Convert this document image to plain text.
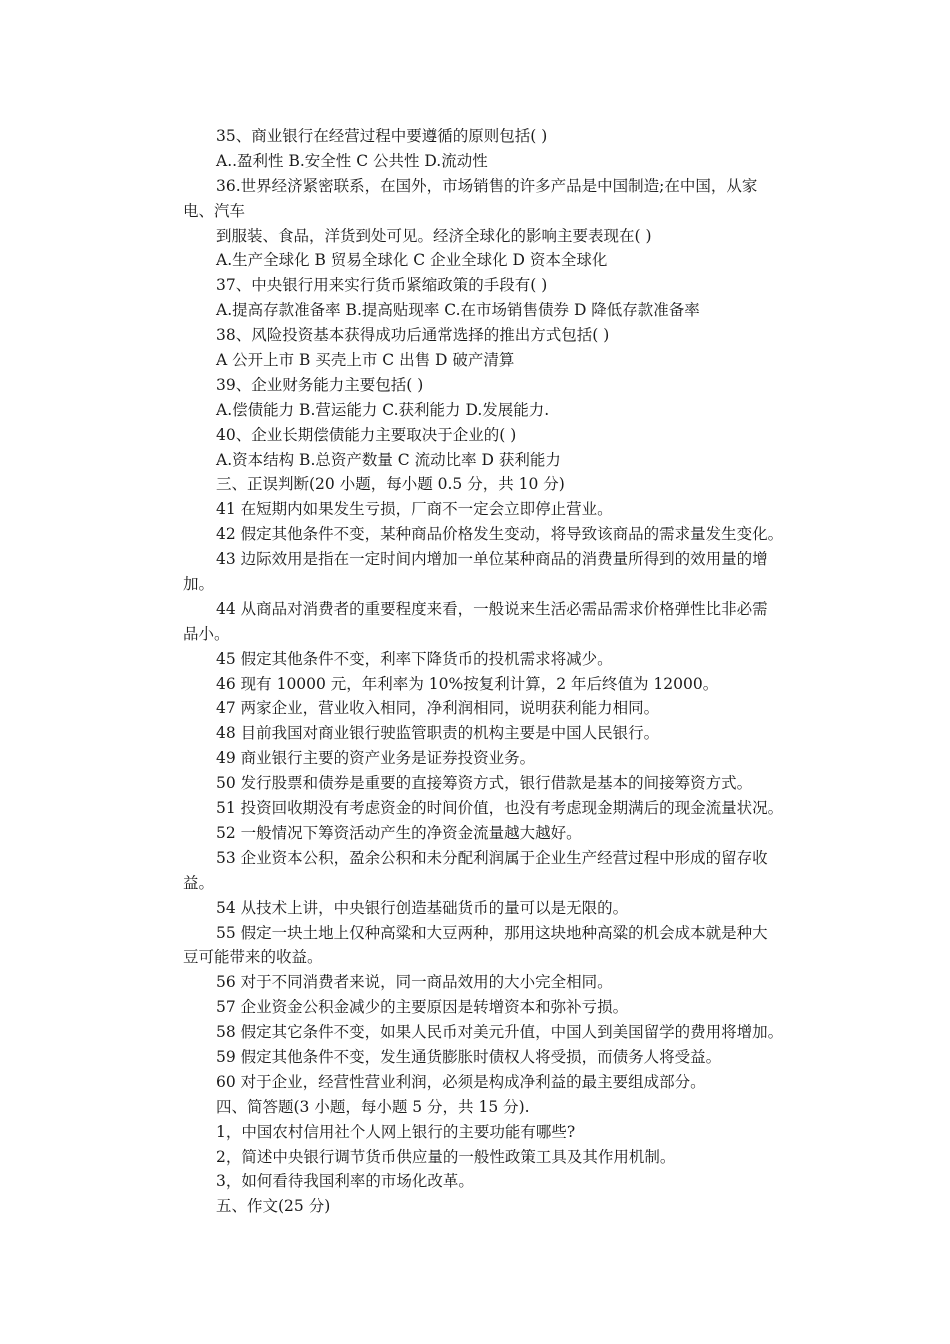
35、商业银行在经营过程中要遵循的原则包括( )
A..盈利性 B.安全性 C 公共性 D.流动性
36.世界经济紧密联系，在国外，市场销售的许多产品是中国制造;在中国，从家
电、汽车
到服装、食品，洋货到处可见。经济全球化的影响主要表现在( )
A.生产全球化 B 贸易全球化 C 企业全球化 D 资本全球化
37、中央银行用来实行货币紧缩政策的手段有( )
A.提高存款准备率 B.提高贴现率 C.在市场销售债券 D 降低存款准备率
38、风险投资基本获得成功后通常选择的推出方式包括( )
A 公开上市 B 买壳上市 C 出售 D 破产清算
39、企业财务能力主要包括( )
A.偿债能力 B.营运能力 C.获利能力 D.发展能力.
40、企业长期偿债能力主要取决于企业的( )
A.资本结构 B.总资产数量 C 流动比率 D 获利能力
三、正误判断(20 小题，每小题 0.5 分，共 10 分)
41 在短期内如果发生亏损，厂商不一定会立即停止营业。
42 假定其他条件不变，某种商品价格发生变动，将导致该商品的需求量发生变化。
43 边际效用是指在一定时间内增加一单位某种商品的消费量所得到的效用量的增
加。
44 从商品对消费者的重要程度来看，一般说来生活必需品需求价格弹性比非必需
品小。
45 假定其他条件不变，利率下降货币的投机需求将减少。
46 现有 10000 元，年利率为 10%按复利计算，2 年后终值为 12000。
47 两家企业，营业收入相同，净利润相同，说明获利能力相同。
48 目前我国对商业银行驶监管职责的机构主要是中国人民银行。
49 商业银行主要的资产业务是证券投资业务。
50 发行股票和债券是重要的直接筹资方式，银行借款是基本的间接筹资方式。
51 投资回收期没有考虑资金的时间价值，也没有考虑现金期满后的现金流量状况。
52 一般情况下筹资活动产生的净资金流量越大越好。
53 企业资本公积，盈余公积和未分配利润属于企业生产经营过程中形成的留存收
益。
54 从技术上讲，中央银行创造基础货币的量可以是无限的。
55 假定一块土地上仅种高粱和大豆两种，那用这块地种高粱的机会成本就是种大
豆可能带来的收益。
56 对于不同消费者来说，同一商品效用的大小完全相同。
57 企业资金公积金减少的主要原因是转增资本和弥补亏损。
58 假定其它条件不变，如果人民币对美元升值，中国人到美国留学的费用将增加。
59 假定其他条件不变，发生通货膨胀时债权人将受损，而债务人将受益。
60 对于企业，经营性营业利润，必须是构成净利益的最主要组成部分。
四、简答题(3 小题，每小题 5 分，共 15 分).
1，中国农村信用社个人网上银行的主要功能有哪些?
2，简述中央银行调节货币供应量的一般性政策工具及其作用机制。
3，如何看待我国利率的市场化改革。
五、作文(25 分)
